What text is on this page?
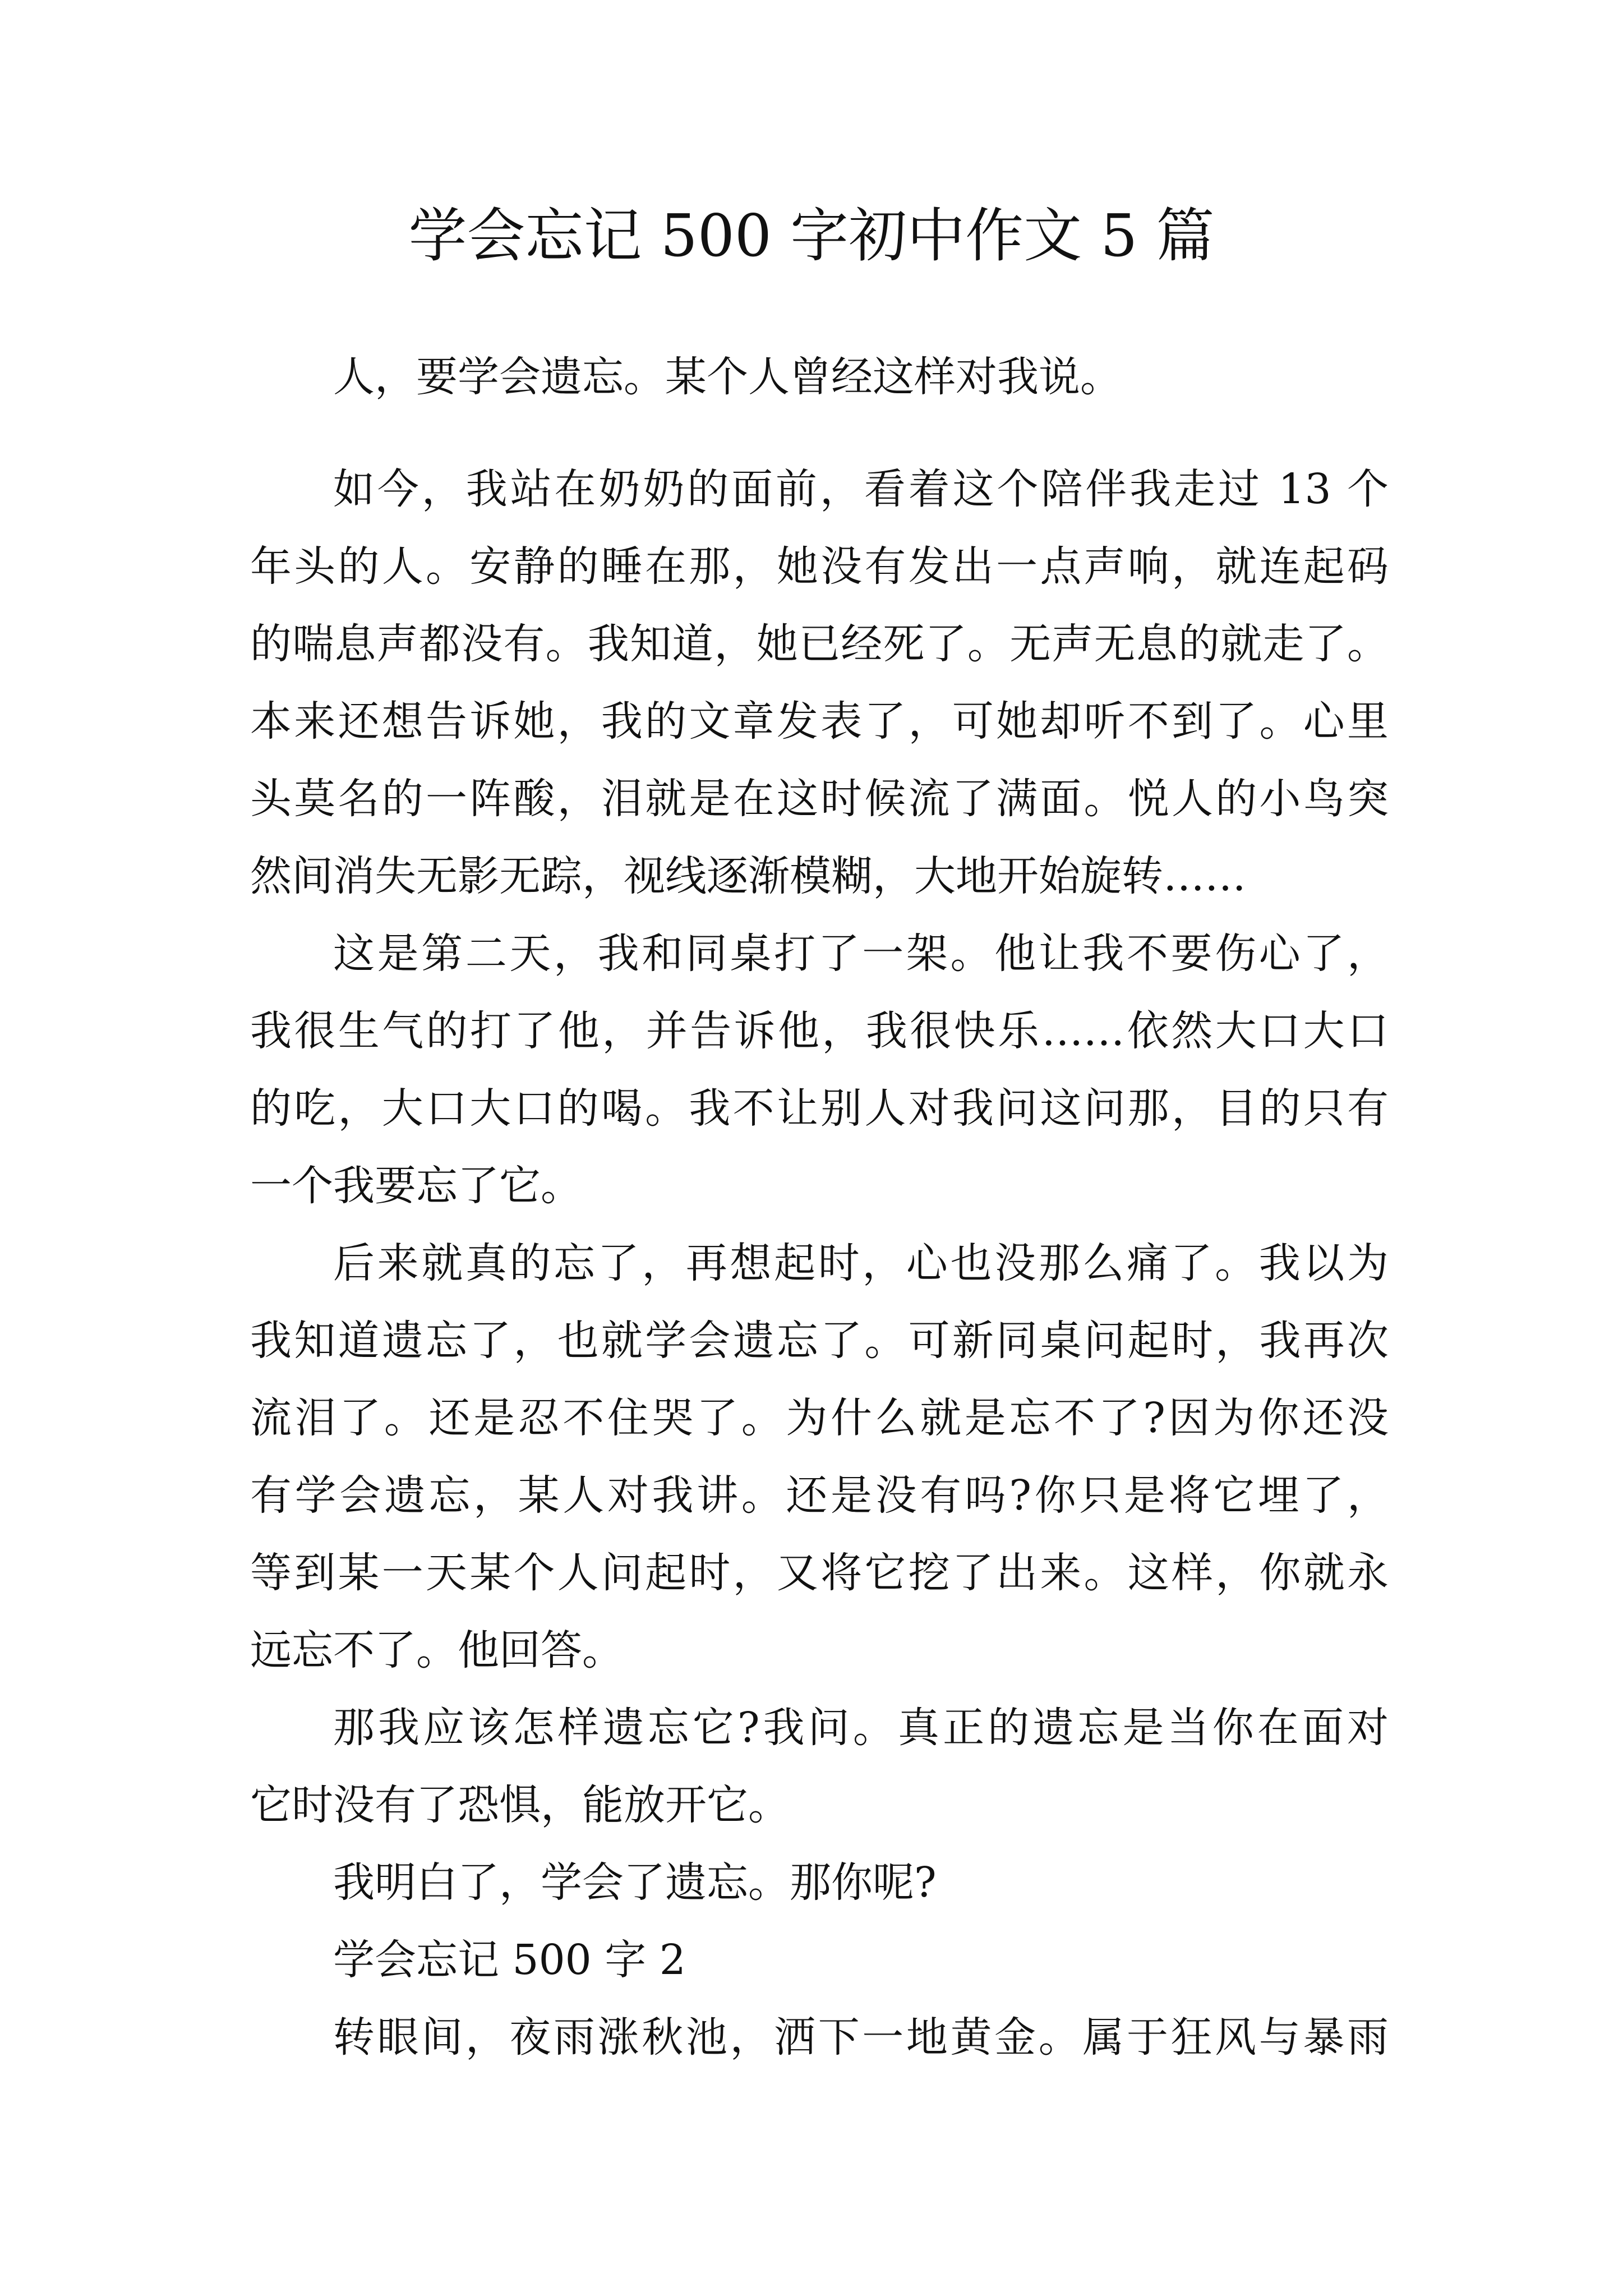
学会忘记 500 字初中作文 5 篇
人，要学会遗忘。某个人曾经这样对我说。
如今，我站在奶奶的面前，看着这个陪伴我走过 13 个
年头的人。安静的睡在那，她没有发出一点声响，就连起码
的喘息声都没有。我知道，她已经死了。无声无息的就走了。
本来还想告诉她，我的文章发表了，可她却听不到了。心里
头莫名的一阵酸，泪就是在这时候流了满面。悦人的小鸟突
然间消失无影无踪，视线逐渐模糊，大地开始旋转……
这是第二天，我和同桌打了一架。他让我不要伤心了，
我很生气的打了他，并告诉他，我很快乐……依然大口大口
的吃，大口大口的喝。我不让别人对我问这问那，目的只有
一个我要忘了它。
后来就真的忘了，再想起时，心也没那么痛了。我以为
我知道遗忘了，也就学会遗忘了。可新同桌问起时，我再次
流泪了。还是忍不住哭了。为什么就是忘不了?因为你还没
有学会遗忘，某人对我讲。还是没有吗?你只是将它埋了，
等到某一天某个人问起时，又将它挖了出来。这样，你就永
远忘不了。他回答。
那我应该怎样遗忘它?我问。真正的遗忘是当你在面对
它时没有了恐惧，能放开它。
我明白了，学会了遗忘。那你呢?
学会忘记 500 字 2
转眼间，夜雨涨秋池，洒下一地黄金。属于狂风与暴雨
